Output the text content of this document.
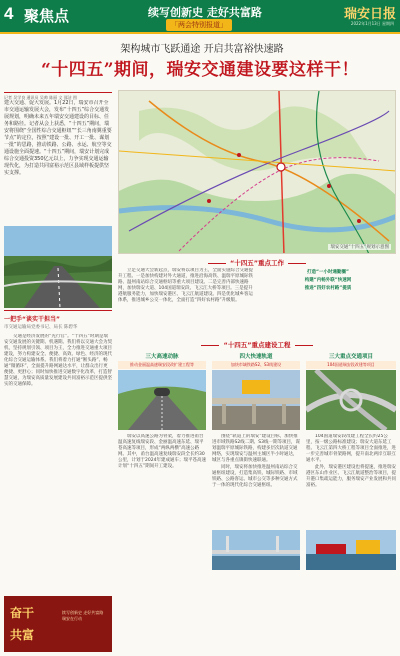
4 聚焦点	续写创新史 走好共富路
「两会特别报道」
瑞安日报
2022年1月13日 星期四
架构城市飞跃通途 开启共富裕快速路
“十四五”期间，瑞安交通建设要这样干！
记者 吴学良 通讯员 吴帅 陈丽 文 邵洁 图
建大交通、促大发展。1月22日，瑞安市召开全市交通运输发展大会，发布“十四五”综合交通发展规划，明确未来五年瑞安交通建设的目标、任务和路径。记者从会上获悉，“十四五”期间，瑞安将围绕“全国性综合交通枢纽”“长三角南翼重要节点”的定位，按照“建设一批、开工一批、谋划一批”的思路，推动铁路、公路、水运、航空等交通设施全面提速。“十四五”期间，瑞安计划完成综合交通投资350亿元以上，力争实现交通运输现代化，为打造共同富裕示范区县域样板提供坚实支撑。
瑞安交通“十四五”规划示意图
一把手“谈实干担当”
市交通运输局党委书记、局长 陈碧华

交通是经济发展的“先行官”。“十四五”时期是瑞安交通发展的关键期、机遇期。我们将以交通大会为契机，坚持规划引领、项目为王，全力推进交通重大项目建设，努力构建安全、便捷、高效、绿色、经济的现代化综合交通运输体系。我们将着力打通“断头路”、畅通“微循环”，全面提升路网通达水平，让群众出行更便捷、更舒心；同时加快推进交通数字化改革，打造智慧交通，为瑞安高质量发展建设共同富裕示范区提供坚实的交通保障。

奋干
共富
续写创新史 走好共富路 瑞安在行动
“十四五”重点工作

立足交通大会新起点，瑞安将以项目为王，全面实施综合交通提升工程。一是加快构建对外大通道，推进沿海高铁、温瑞平原城际铁路、温州南站综合交通枢纽等重大项目建设。二是完善内部快速路网，加快瑞安大道、104国道瑞安段、飞云江大桥等项目。三是提升港航服务能力，加快瑞安港区、飞云江航道建设。四是优化城乡客运体系，推进城乡公交一体化，全面打造“四好农村路”升级版。

打造“一小时通勤圈”
构建“内畅外联”快速网
推进“四好农村路”提质
“十四五”重点建设工程
三大高速动脉
推动金丽温高速瑞安段改扩建工程等
四大快速轨道
加快市域铁路S2、S3线建设
三大重点交通项目
104国道瑞安段改建等项目

瑞安以高速公路为骨架，着力推进甬台温高速复线瑞安段、金丽温高速东延、瑞平苍高速等项目，形成“两纵两横”高速公路网。其中，甬台温高速复线瑞安段全长约30公里，计划于2024年建成通车；瑞平苍高速计划“十四五”期间开工建设。

围绕“轨道上的瑞安”建设目标，加快推进市域铁路S2线二期、S3线一期等项目，谋划温瑞平原城际铁路，构建多层次轨道交通网络，实现瑞安与温州主城区半小时通达，城区与各重点镇街快速联通。

同时，瑞安将加快推进温州南站综合交通枢纽建设，打造集高铁、城际铁路、市域铁路、公路客运、城市公交等多种交通方式于一体的现代化综合交通枢纽。

104国道瑞安段改建工程全长约25公里，按一级公路标准建设；瑞安大道东延工程、飞云江第四大桥工程等项目全面推进，进一步完善城市骨架路网，提升南北两岸互联互通水平。

此外，瑞安港区建设也将提速，推进瑞安港区东山作业区、飞云江航道整治等项目，提升港口集疏运能力，服务瑞安产业发展和共同富裕。
